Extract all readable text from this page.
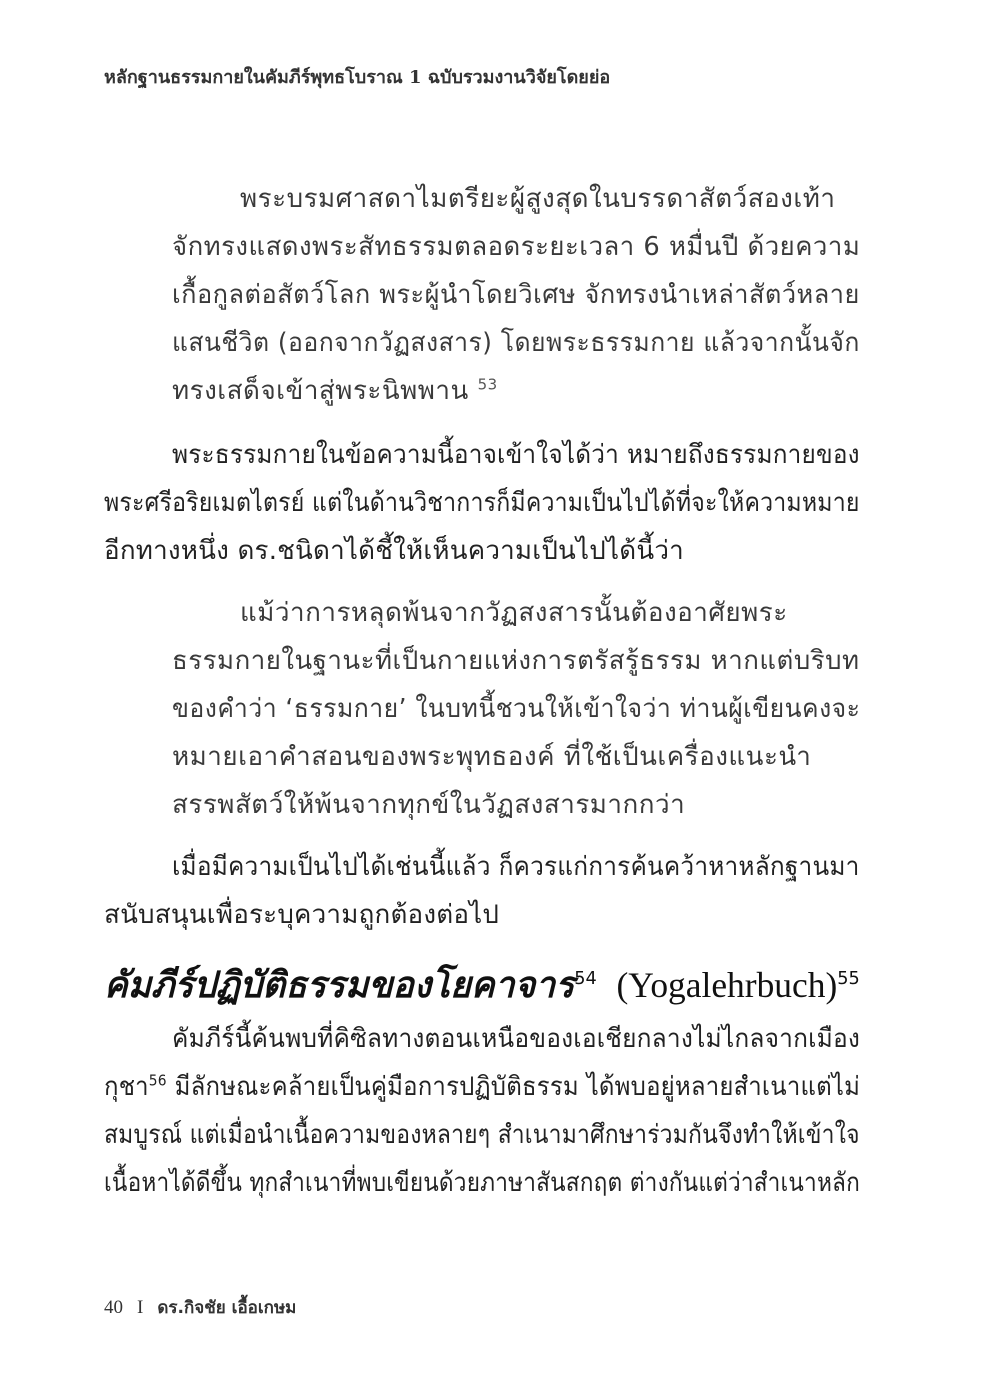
หลักฐานธรรมกายในคัมภีร์พุทธโบราณ 1 ฉบับรวมงานวิจัยโดยย่อ
พระบรมศาสดาไมตรียะผู้สูงสุดในบรรดาสัตว์สองเท้า
จักทรงแสดงพระสัทธรรมตลอดระยะเวลา 6 หมื่นปี ด้วยความ
เกื้อกูลต่อสัตว์โลก พระผู้นำโดยวิเศษ จักทรงนำเหล่าสัตว์หลาย
แสนชีวิต (ออกจากวัฏสงสาร) โดยพระธรรมกาย แล้วจากนั้นจัก
ทรงเสด็จเข้าสู่พระนิพพาน $^{53}$
พระธรรมกายในข้อความนี้อาจเข้าใจได้ว่า หมายถึงธรรมกายของ
พระศรีอริยเมตไตรย์ แต่ในด้านวิชาการก็มีความเป็นไปได้ที่จะให้ความหมาย
อีกทางหนึ่ง ดร.ชนิดาได้ชี้ให้เห็นความเป็นไปได้นี้ว่า
แม้ว่าการหลุดพ้นจากวัฏสงสารนั้นต้องอาศัยพระ
ธรรมกายในฐานะที่เป็นกายแห่งการตรัสรู้ธรรม หากแต่บริบท
ของคำว่า ‘ธรรมกาย’ ในบทนี้ชวนให้เข้าใจว่า ท่านผู้เขียนคงจะ
หมายเอาคำสอนของพระพุทธองค์ ที่ใช้เป็นเครื่องแนะนำ
สรรพสัตว์ให้พ้นจากทุกข์ในวัฏสงสารมากกว่า
เมื่อมีความเป็นไปได้เช่นนี้แล้ว ก็ควรแก่การค้นคว้าหาหลักฐานมา
สนับสนุนเพื่อระบุความถูกต้องต่อไป
คัมภีร์ปฏิบัติธรรมของโยคาจาร$^{54}$ (Yogalehrbuch)$^{55}$
คัมภีร์นี้ค้นพบที่คิซิลทางตอนเหนือของเอเชียกลางไม่ไกลจากเมือง
กุชา$^{56}$ มีลักษณะคล้ายเป็นคู่มือการปฏิบัติธรรม ได้พบอยู่หลายสำเนาแต่ไม่
สมบูรณ์ แต่เมื่อนำเนื้อความของหลายๆ สำเนามาศึกษาร่วมกันจึงทำให้เข้าใจ
เนื้อหาได้ดีขึ้น ทุกสำเนาที่พบเขียนด้วยภาษาสันสกฤต ต่างกันแต่ว่าสำเนาหลัก
40 I ดร.กิจชัย เอื้อเกษม
